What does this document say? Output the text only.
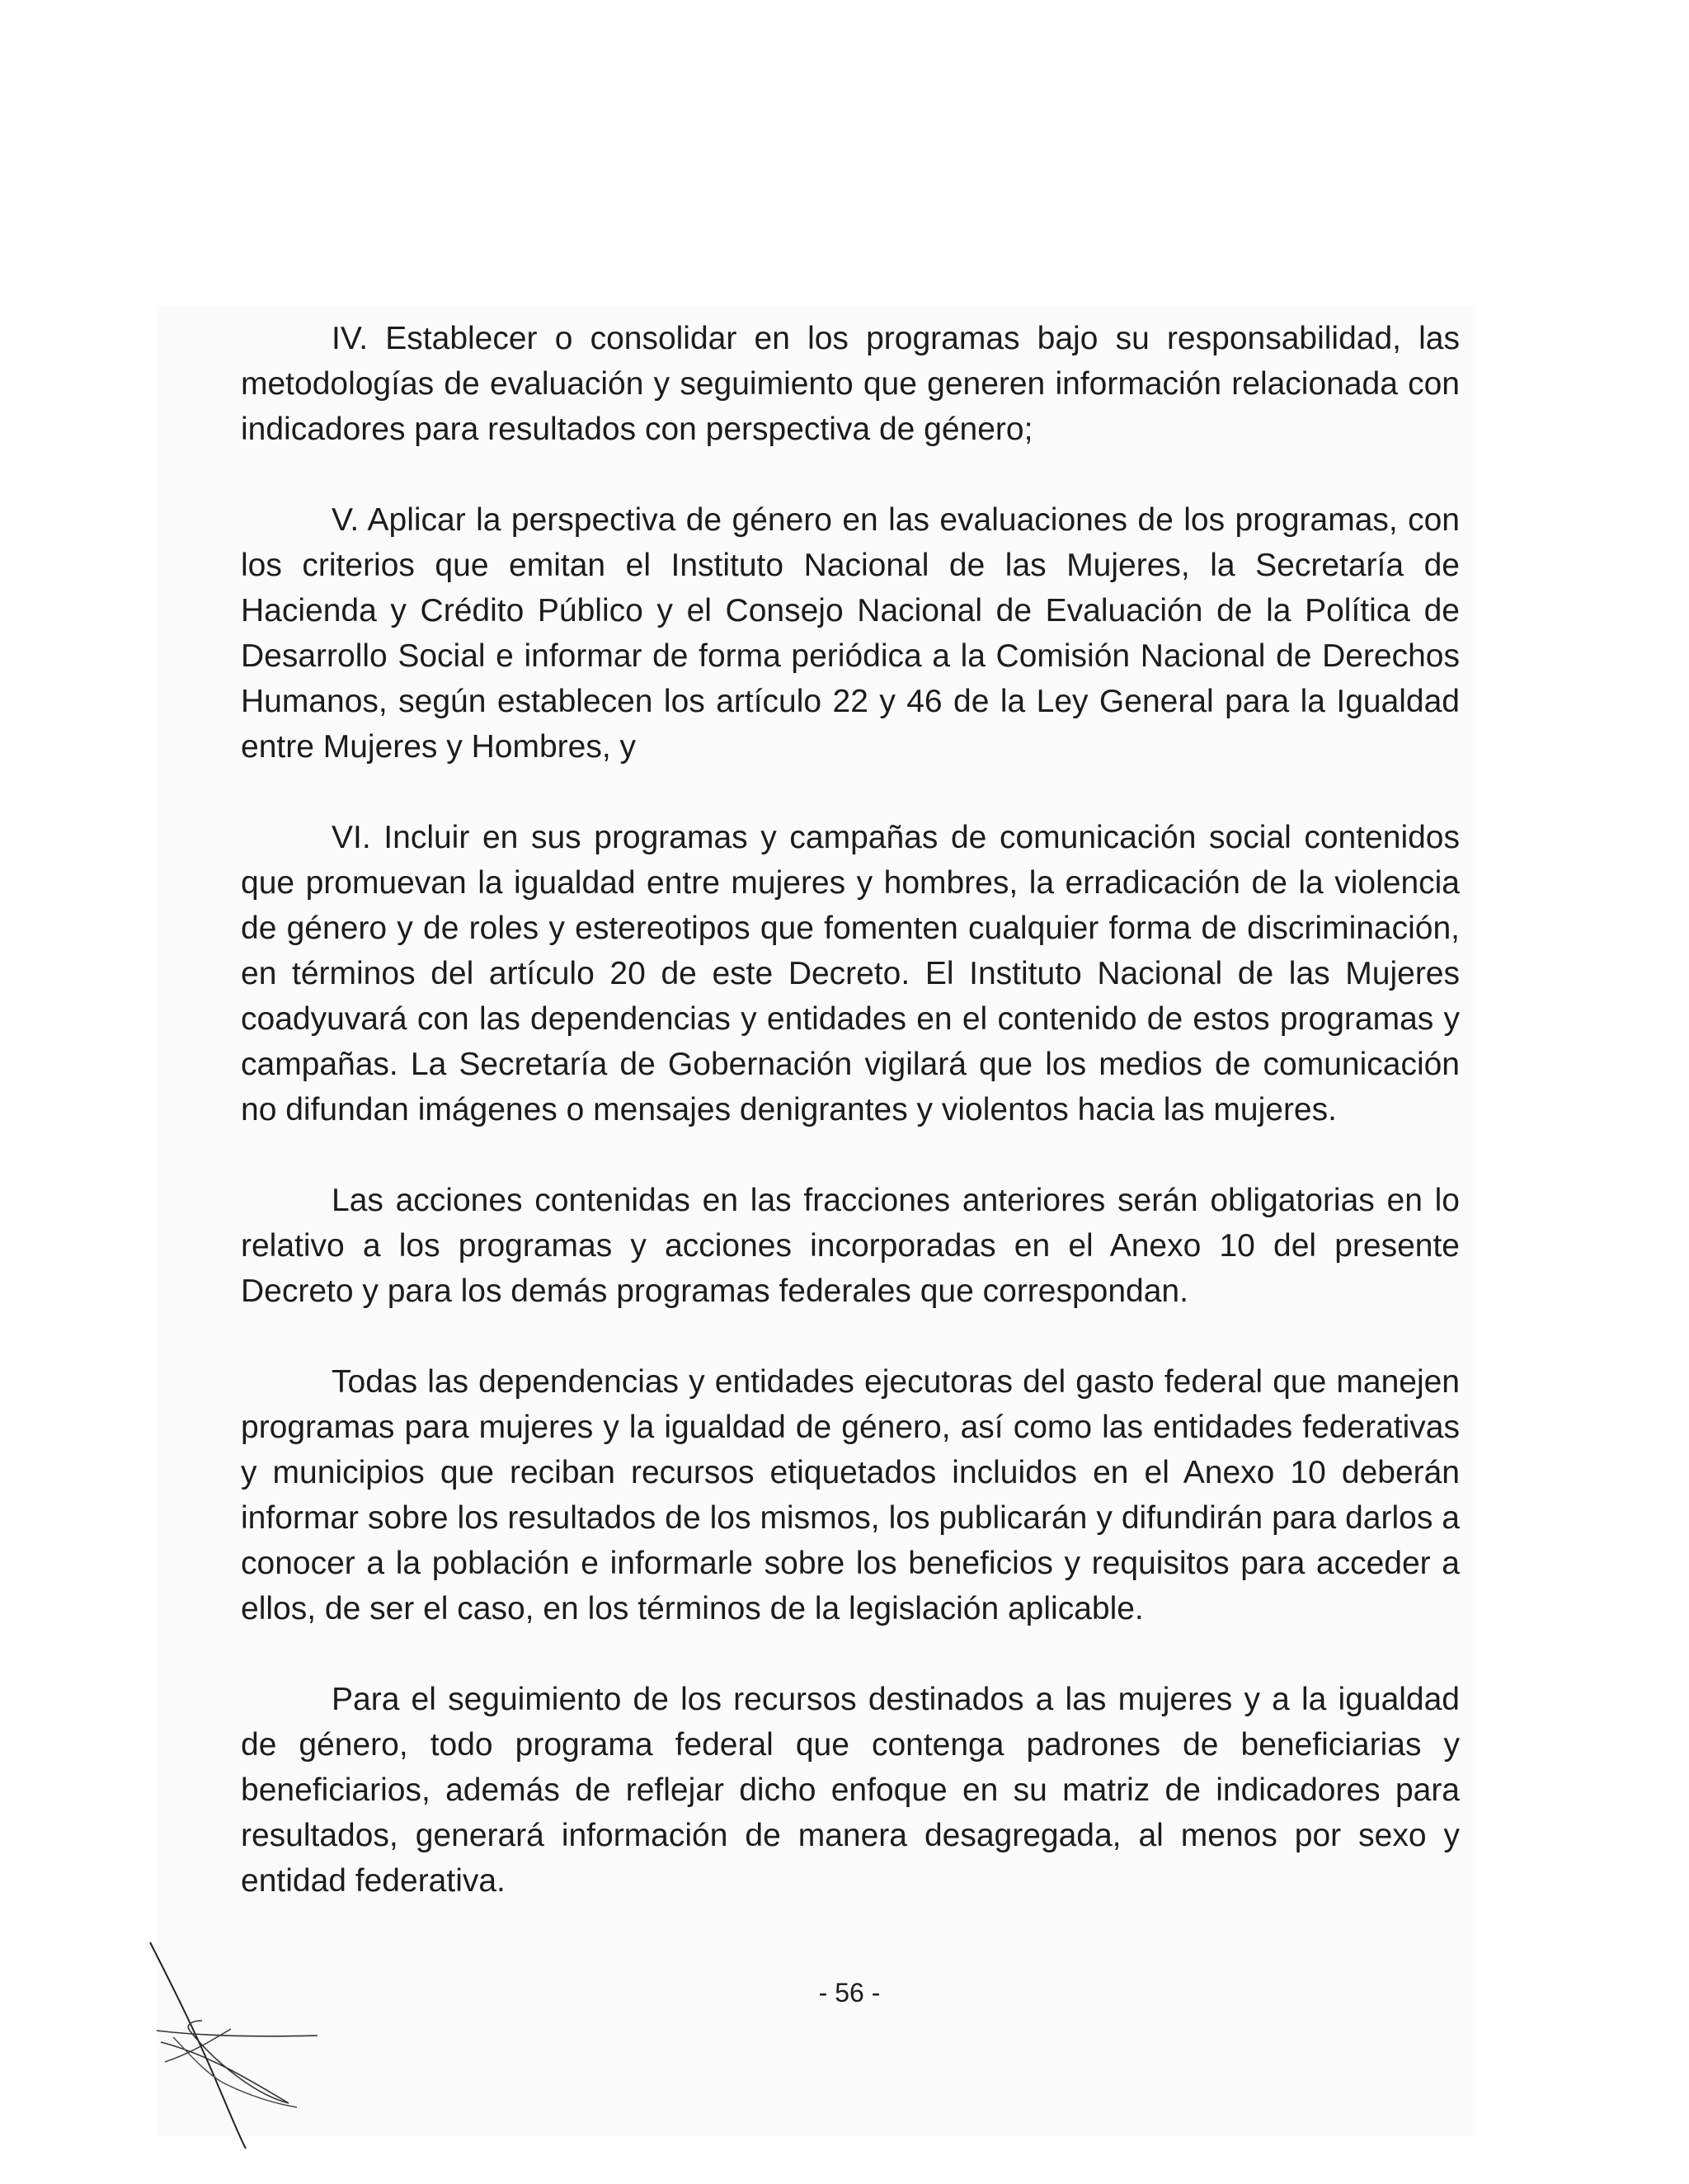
IV. Establecer o consolidar en los programas bajo su responsabilidad, las metodologías de evaluación y seguimiento que generen información relacionada con indicadores para resultados con perspectiva de género;

V. Aplicar la perspectiva de género en las evaluaciones de los programas, con los criterios que emitan el Instituto Nacional de las Mujeres, la Secretaría de Hacienda y Crédito Público y el Consejo Nacional de Evaluación de la Política de Desarrollo Social e informar de forma periódica a la Comisión Nacional de Derechos Humanos, según establecen los artículo 22 y 46 de la Ley General para la Igualdad entre Mujeres y Hombres, y

VI. Incluir en sus programas y campañas de comunicación social contenidos que promuevan la igualdad entre mujeres y hombres, la erradicación de la violencia de género y de roles y estereotipos que fomenten cualquier forma de discriminación, en términos del artículo 20 de este Decreto. El Instituto Nacional de las Mujeres coadyuvará con las dependencias y entidades en el contenido de estos programas y campañas. La Secretaría de Gobernación vigilará que los medios de comunicación no difundan imágenes o mensajes denigrantes y violentos hacia las mujeres.

Las acciones contenidas en las fracciones anteriores serán obligatorias en lo relativo a los programas y acciones incorporadas en el Anexo 10 del presente Decreto y para los demás programas federales que correspondan.

Todas las dependencias y entidades ejecutoras del gasto federal que manejen programas para mujeres y la igualdad de género, así como las entidades federativas y municipios que reciban recursos etiquetados incluidos en el Anexo 10 deberán informar sobre los resultados de los mismos, los publicarán y difundirán para darlos a conocer a la población e informarle sobre los beneficios y requisitos para acceder a ellos, de ser el caso, en los términos de la legislación aplicable.

Para el seguimiento de los recursos destinados a las mujeres y a la igualdad de género, todo programa federal que contenga padrones de beneficiarias y beneficiarios, además de reflejar dicho enfoque en su matriz de indicadores para resultados, generará información de manera desagregada, al menos por sexo y entidad federativa.

- 56 -
